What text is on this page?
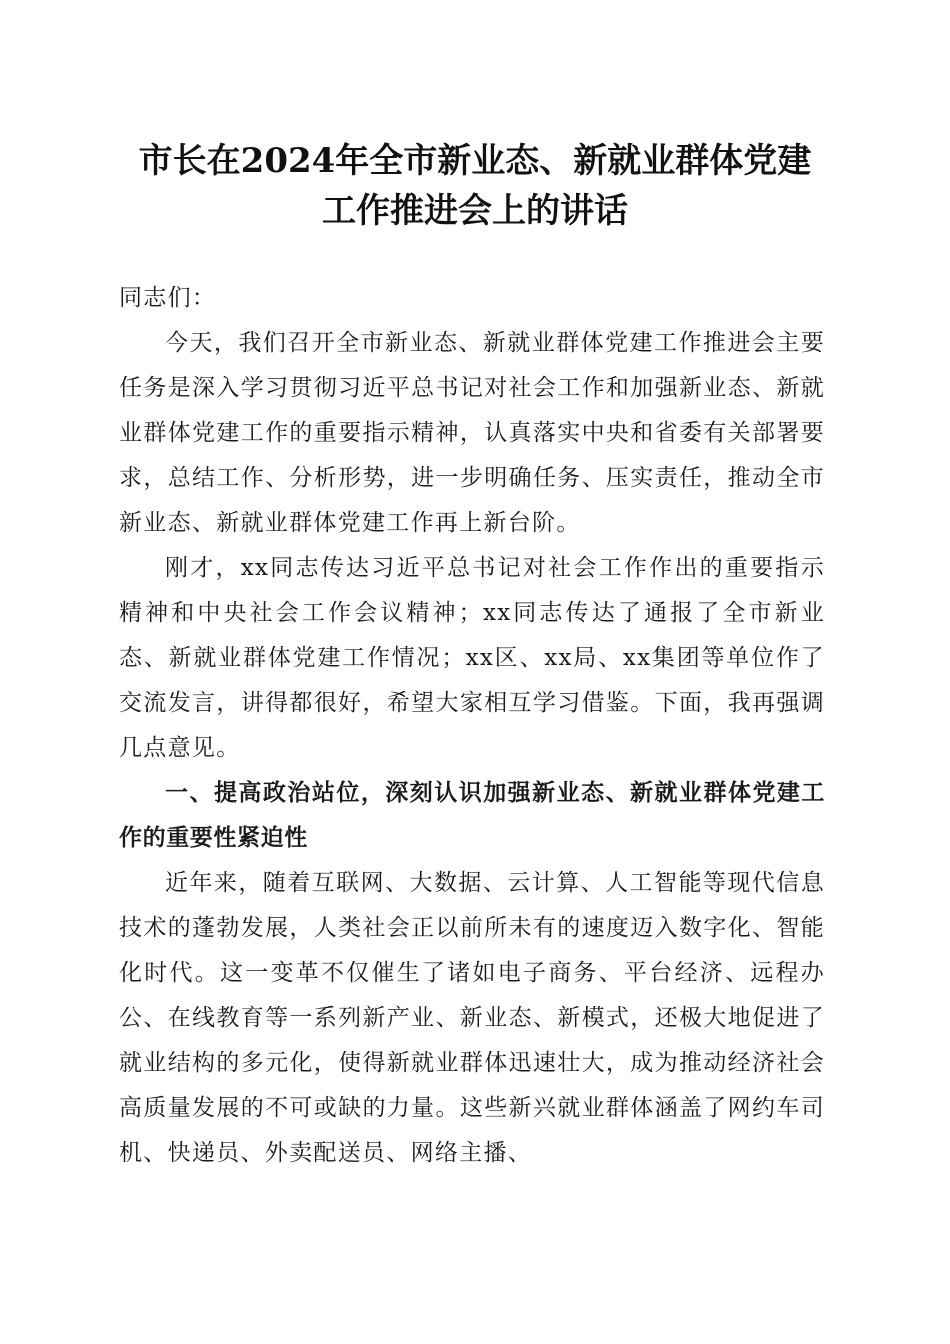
市长在2024年全市新业态、新就业群体党建
工作推进会上的讲话

同志们：

今天，我们召开全市新业态、新就业群体党建工作推进会主要任务是深入学习贯彻习近平总书记对社会工作和加强新业态、新就业群体党建工作的重要指示精神，认真落实中央和省委有关部署要求，总结工作、分析形势，进一步明确任务、压实责任，推动全市新业态、新就业群体党建工作再上新台阶。

刚才，xx同志传达习近平总书记对社会工作作出的重要指示精神和中央社会工作会议精神；xx同志传达了通报了全市新业态、新就业群体党建工作情况；xx区、xx局、xx集团等单位作了交流发言，讲得都很好，希望大家相互学习借鉴。下面，我再强调几点意见。

一、提高政治站位，深刻认识加强新业态、新就业群体党建工作的重要性紧迫性

近年来，随着互联网、大数据、云计算、人工智能等现代信息技术的蓬勃发展，人类社会正以前所未有的速度迈入数字化、智能化时代。这一变革不仅催生了诸如电子商务、平台经济、远程办公、在线教育等一系列新产业、新业态、新模式，还极大地促进了就业结构的多元化，使得新就业群体迅速壮大，成为推动经济社会高质量发展的不可或缺的力量。这些新兴就业群体涵盖了网约车司机、快递员、外卖配送员、网络主播、
